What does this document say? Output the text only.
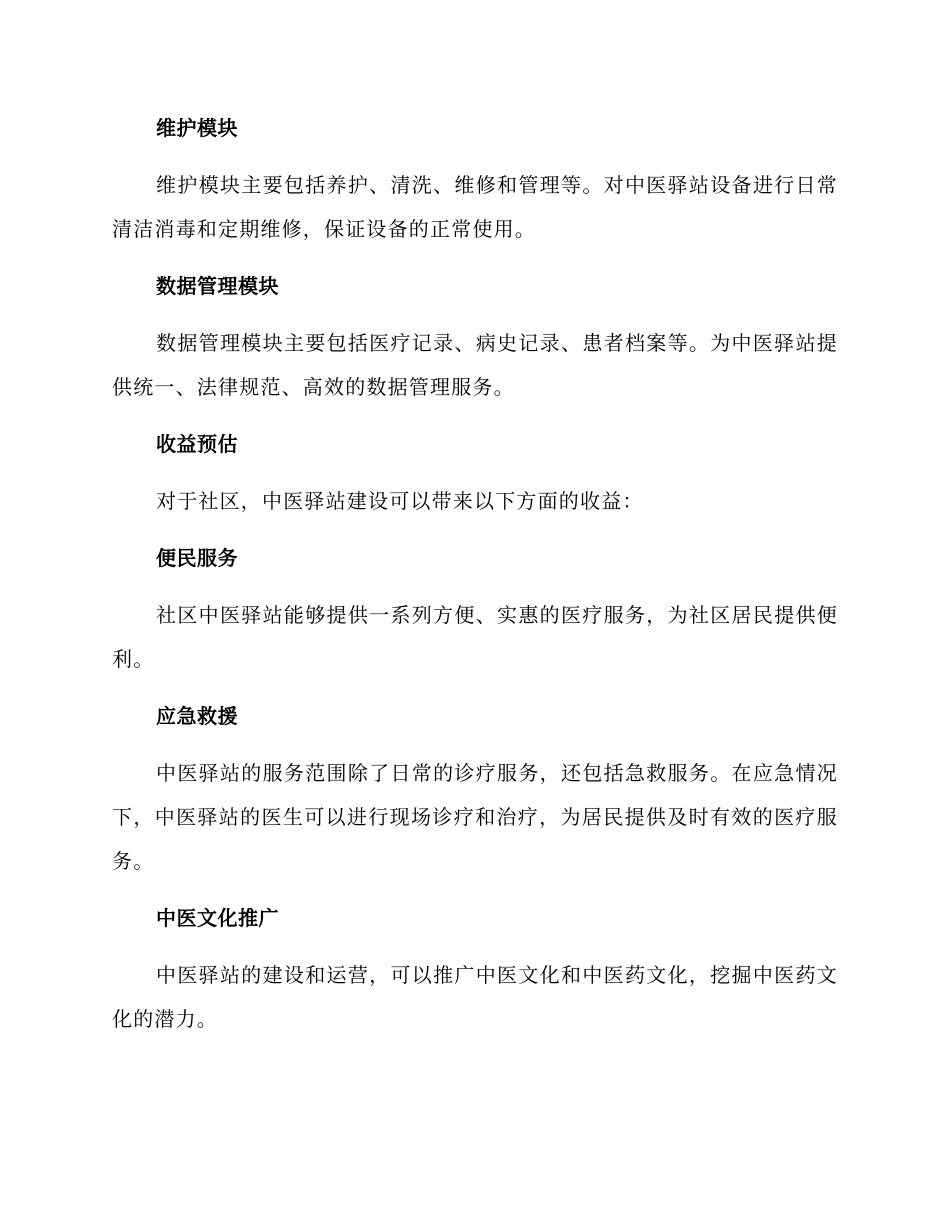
维护模块

维护模块主要包括养护、清洗、维修和管理等。对中医驿站设备进行日常清洁消毒和定期维修，保证设备的正常使用。

数据管理模块

数据管理模块主要包括医疗记录、病史记录、患者档案等。为中医驿站提供统一、法律规范、高效的数据管理服务。

收益预估

对于社区，中医驿站建设可以带来以下方面的收益：

便民服务

社区中医驿站能够提供一系列方便、实惠的医疗服务，为社区居民提供便利。

应急救援

中医驿站的服务范围除了日常的诊疗服务，还包括急救服务。在应急情况下，中医驿站的医生可以进行现场诊疗和治疗，为居民提供及时有效的医疗服务。

中医文化推广

中医驿站的建设和运营，可以推广中医文化和中医药文化，挖掘中医药文化的潜力。
